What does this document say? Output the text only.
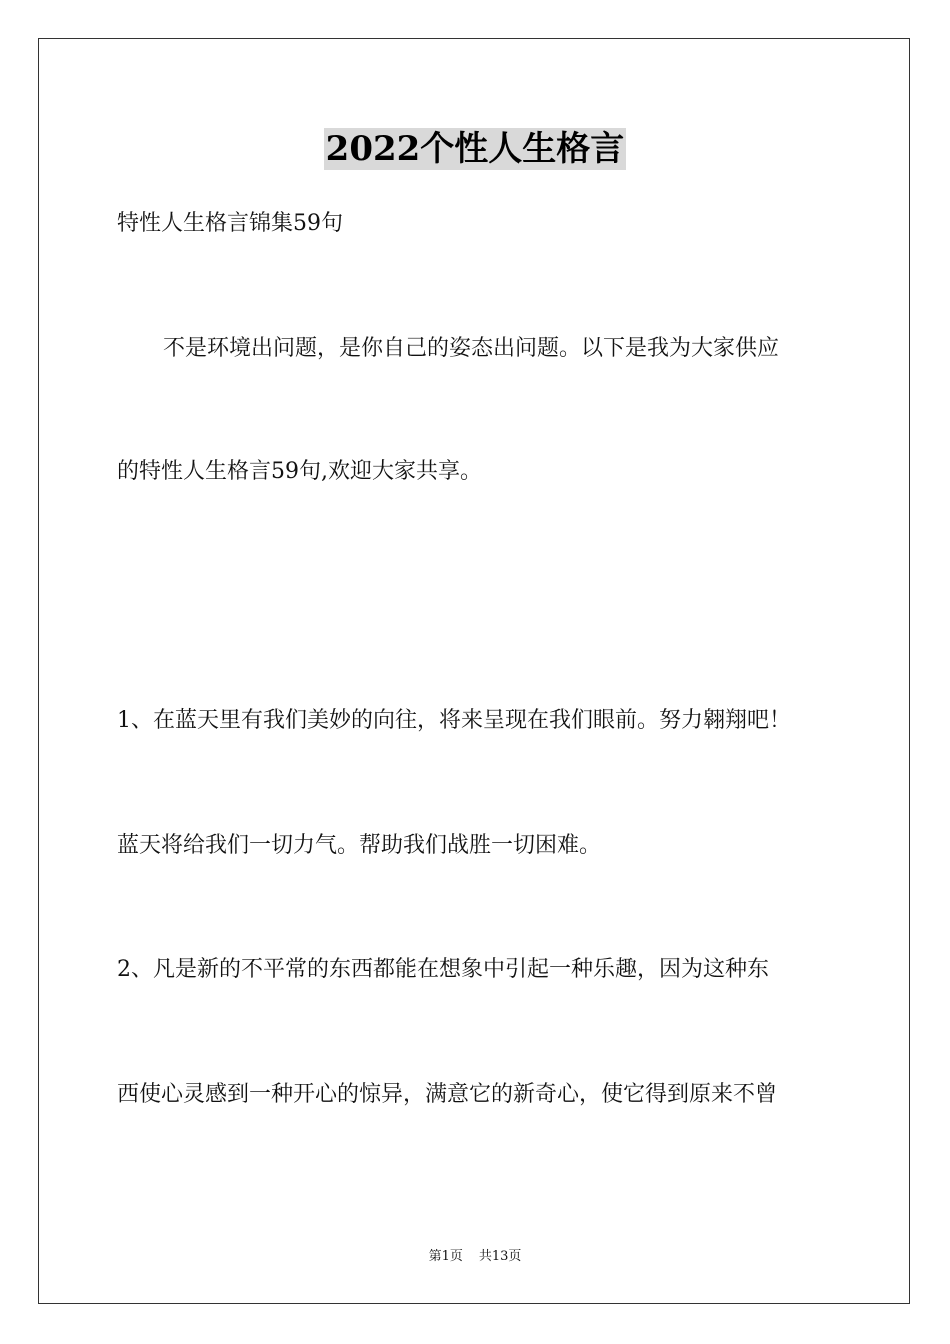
2022个性人生格言
特性人生格言锦集59句
不是环境出问题，是你自己的姿态出问题。以下是我为大家供应
的特性人生格言59句,欢迎大家共享。
1、在蓝天里有我们美妙的向往，将来呈现在我们眼前。努力翱翔吧！
蓝天将给我们一切力气。帮助我们战胜一切困难。
2、凡是新的不平常的东西都能在想象中引起一种乐趣，因为这种东
西使心灵感到一种开心的惊异，满意它的新奇心，使它得到原来不曾
第1页 共13页
